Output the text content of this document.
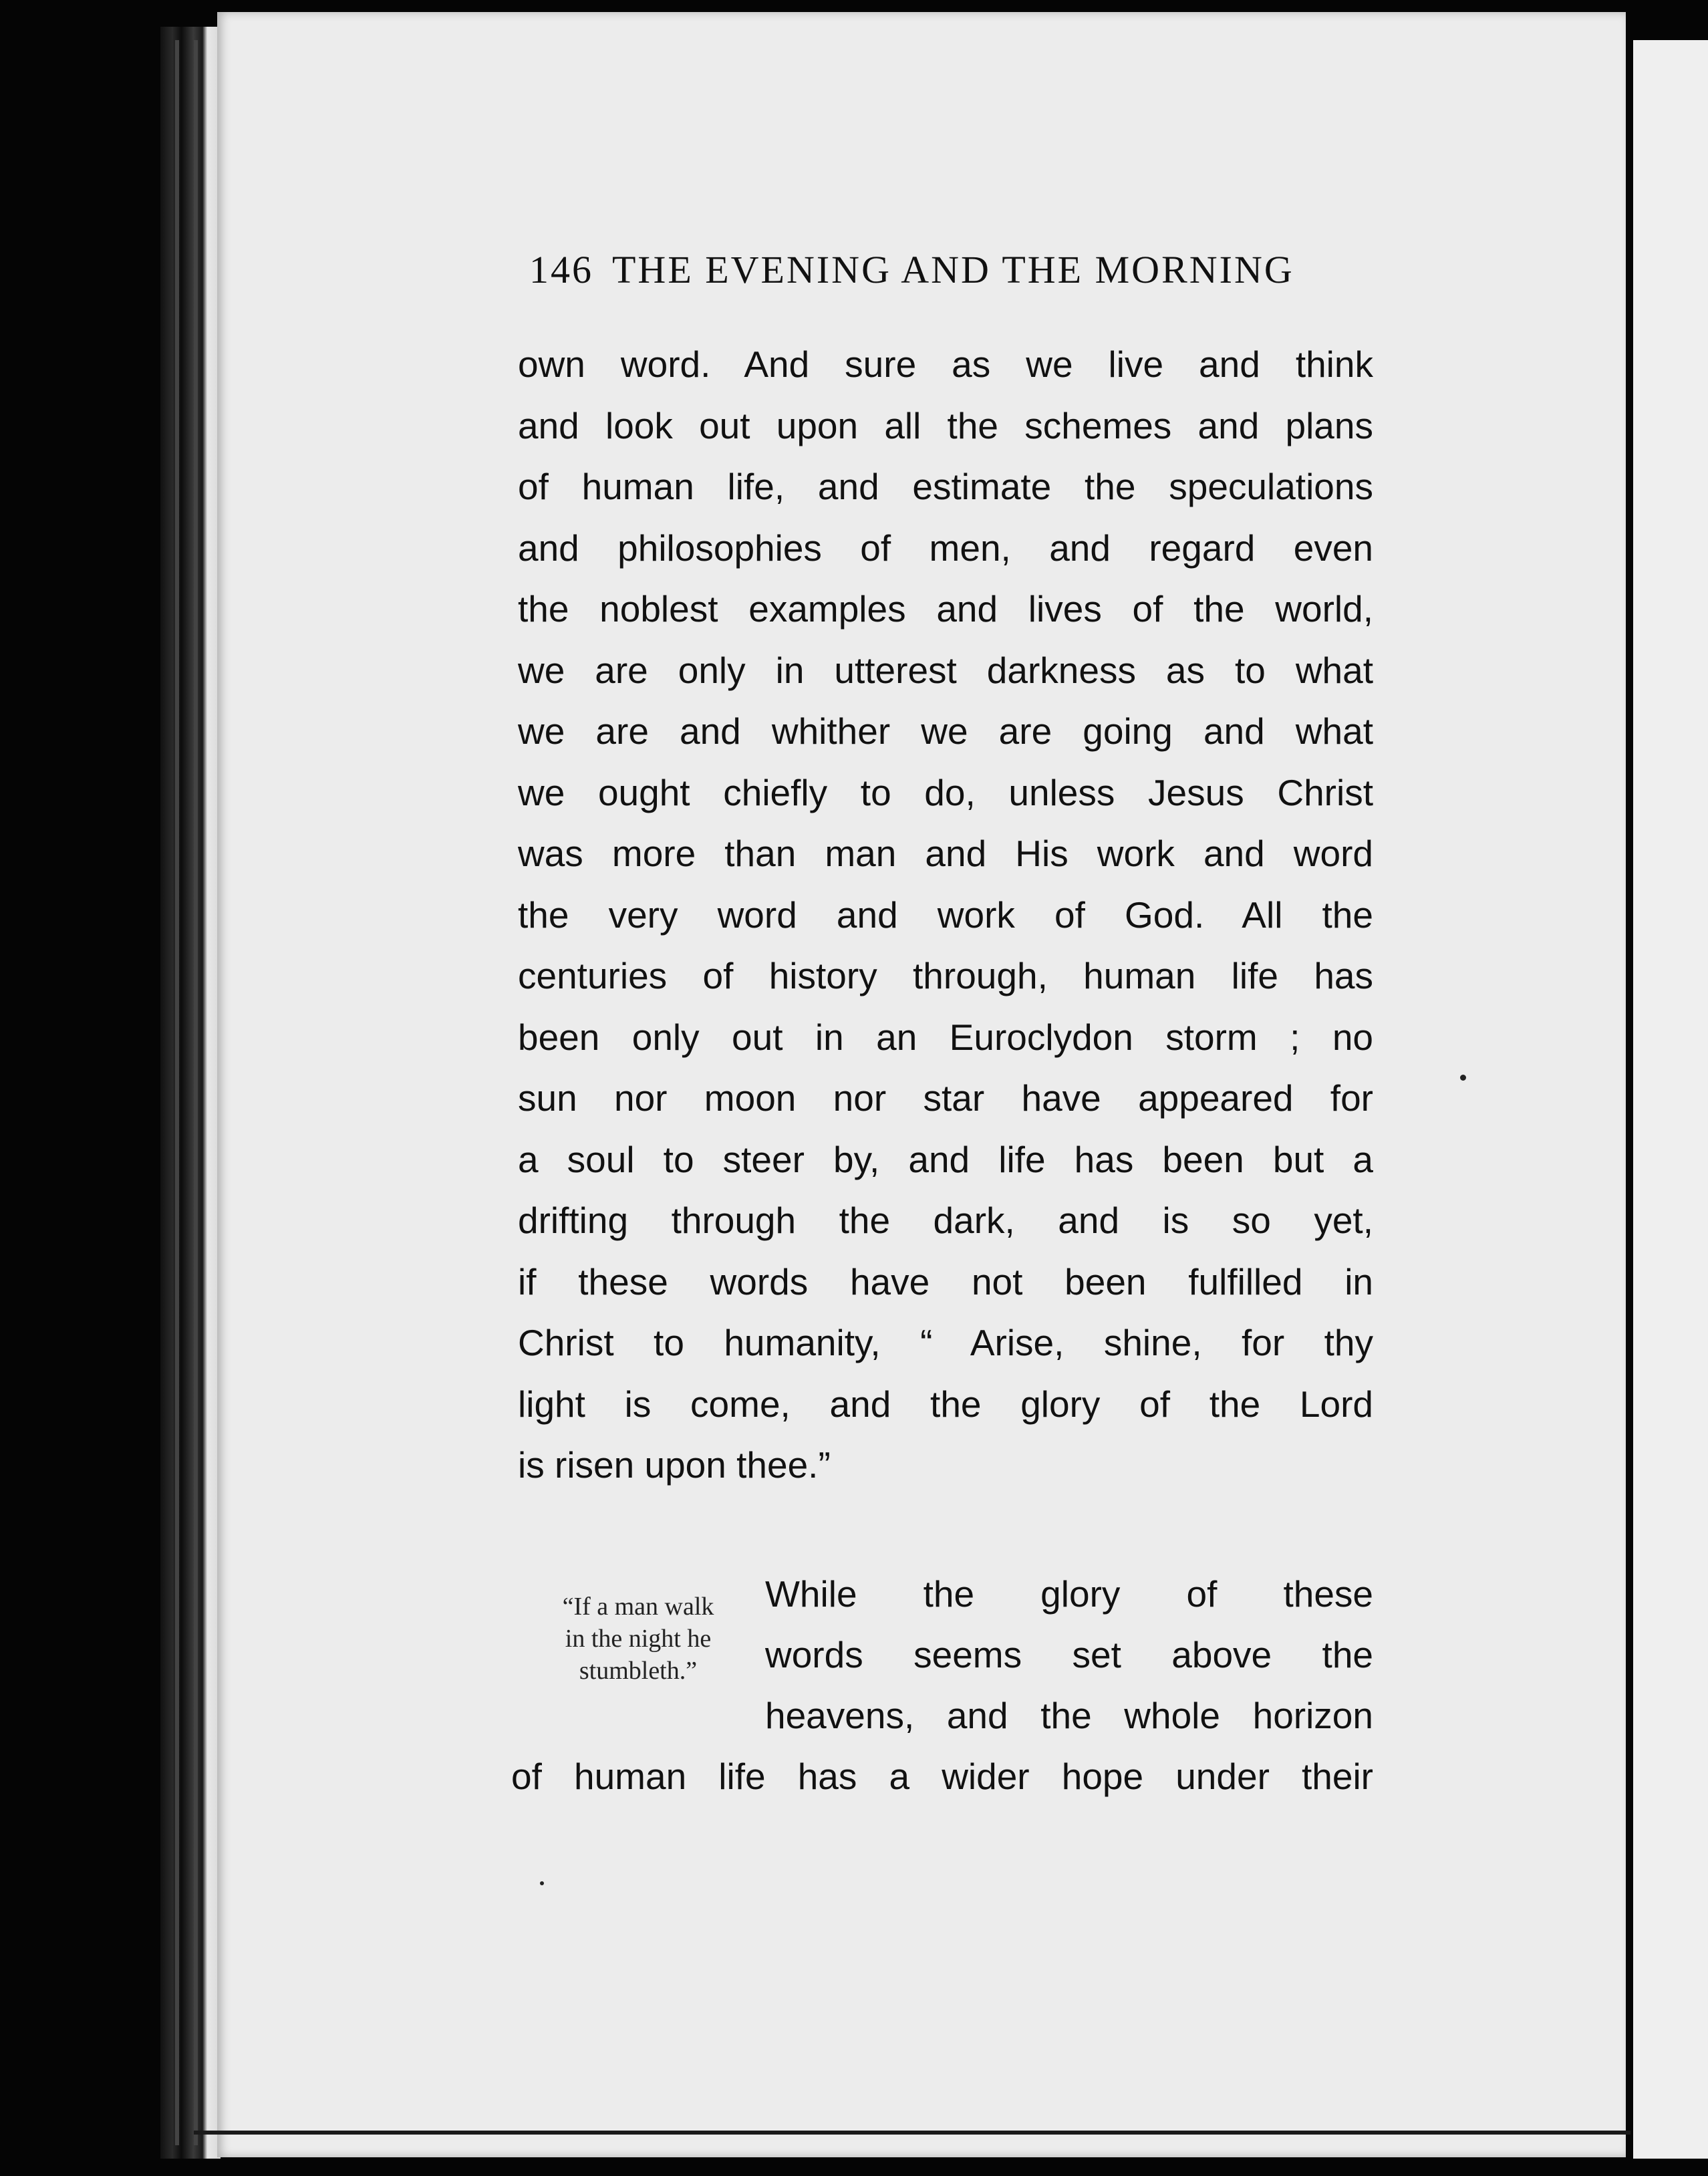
146 THE EVENING AND THE MORNING
own word. And sure as we live and think
and look out upon all the schemes and plans
of human life, and estimate the speculations
and philosophies of men, and regard even
the noblest examples and lives of the world,
we are only in utterest darkness as to what
we are and whither we are going and what
we ought chiefly to do, unless Jesus Christ
was more than man and His work and word
the very word and work of God. All the
centuries of history through, human life has
been only out in an Euroclydon storm ; no
sun nor moon nor star have appeared for
a soul to steer by, and life has been but a
drifting through the dark, and is so yet,
if these words have not been fulfilled in
Christ to humanity, “ Arise, shine, for thy
light is come, and the glory of the Lord
is risen upon thee.”
“If a man walk
in the night he
stumbleth.”
While the glory of these
words seems set above the
heavens, and the whole horizon
of human life has a wider hope under their
